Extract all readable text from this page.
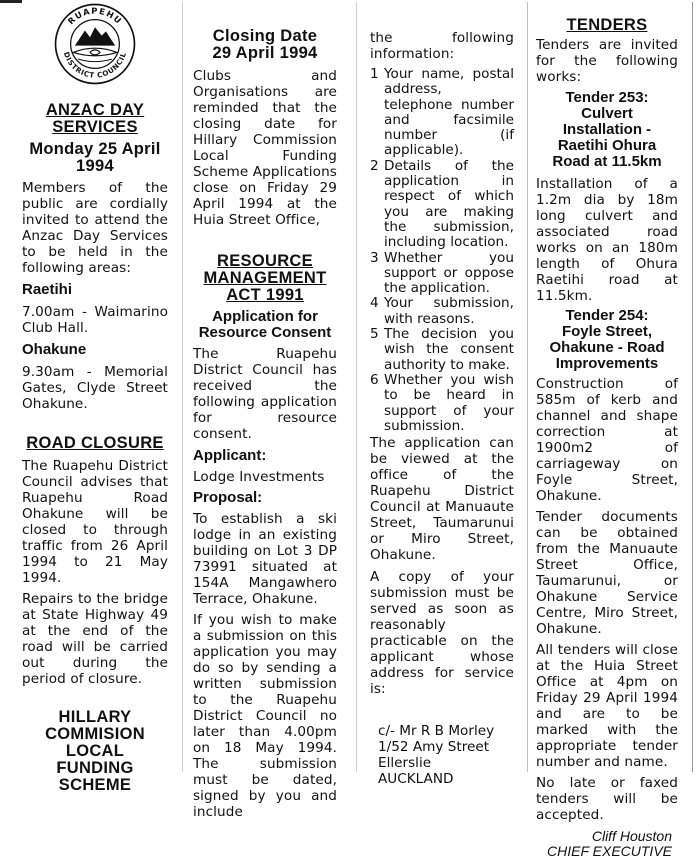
RUAPEHU
DISTRICT COUNCIL

ANZAC DAY
SERVICES

Monday 25 April
1994

Members of the public are cordially invited to attend the Anzac Day Services to be held in the following areas:

Raetihi

7.00am - Waimarino Club Hall.

Ohakune

9.30am - Memorial Gates, Clyde Street Ohakune.

ROAD CLOSURE

The Ruapehu District Council advises that Ruapehu Road Ohakune will be closed to through traffic from 26 April 1994 to 21 May 1994.

Repairs to the bridge at State Highway 49 at the end of the road will be carried out during the period of closure.

HILLARY
COMMISION
LOCAL
FUNDING
SCHEME

Closing Date
29 April 1994

Clubs and Organisations are reminded that the closing date for Hillary Commission Local Funding Scheme Applications close on Friday 29 April 1994 at the Huia Street Office,

RESOURCE
MANAGEMENT
ACT 1991

Application for
Resource Consent

The Ruapehu District Council has received the following application for resource consent.

Applicant:

Lodge Investments

Proposal:

To establish a ski lodge in an existing building on Lot 3 DP 73991 situated at 154A Mangawhero Terrace, Ohakune.

If you wish to make a submission on this application you may do so by sending a written submission to the Ruapehu District Council no later than 4.00pm on 18 May 1994. The submission must be dated, signed by you and include

the following information:

1 Your name, postal address, telephone number and facsimile number (if applicable).
2 Details of the application in respect of which you are making the submission, including location.
3 Whether you support or oppose the application.
4 Your submission, with reasons.
5 The decision you wish the consent authority to make.
6 Whether you wish to be heard in support of your submission.

The application can be viewed at the office of the Ruapehu District Council at Manuaute Street, Taumarunui or Miro Street, Ohakune.

A copy of your submission must be served as soon as reasonably practicable on the applicant whose address for service is:

c/- Mr R B Morley
1/52 Amy Street
Ellerslie
AUCKLAND

TENDERS

Tenders are invited for the following works:

Tender 253:
Culvert
Installation -
Raetihi Ohura
Road at 11.5km

Installation of a 1.2m dia by 18m long culvert and associated road works on an 180m length of Ohura Raetihi road at 11.5km.

Tender 254:
Foyle Street,
Ohakune - Road
Improvements

Construction of 585m of kerb and channel and shape correction at 1900m2 of carriageway on Foyle Street, Ohakune.

Tender documents can be obtained from the Manuaute Street Office, Taumarunui, or Ohakune Service Centre, Miro Street, Ohakune.

All tenders will close at the Huia Street Office at 4pm on Friday 29 April 1994 and are to be marked with the appropriate tender number and name.

No late or faxed tenders will be accepted.

Cliff Houston
CHIEF EXECUTIVE
